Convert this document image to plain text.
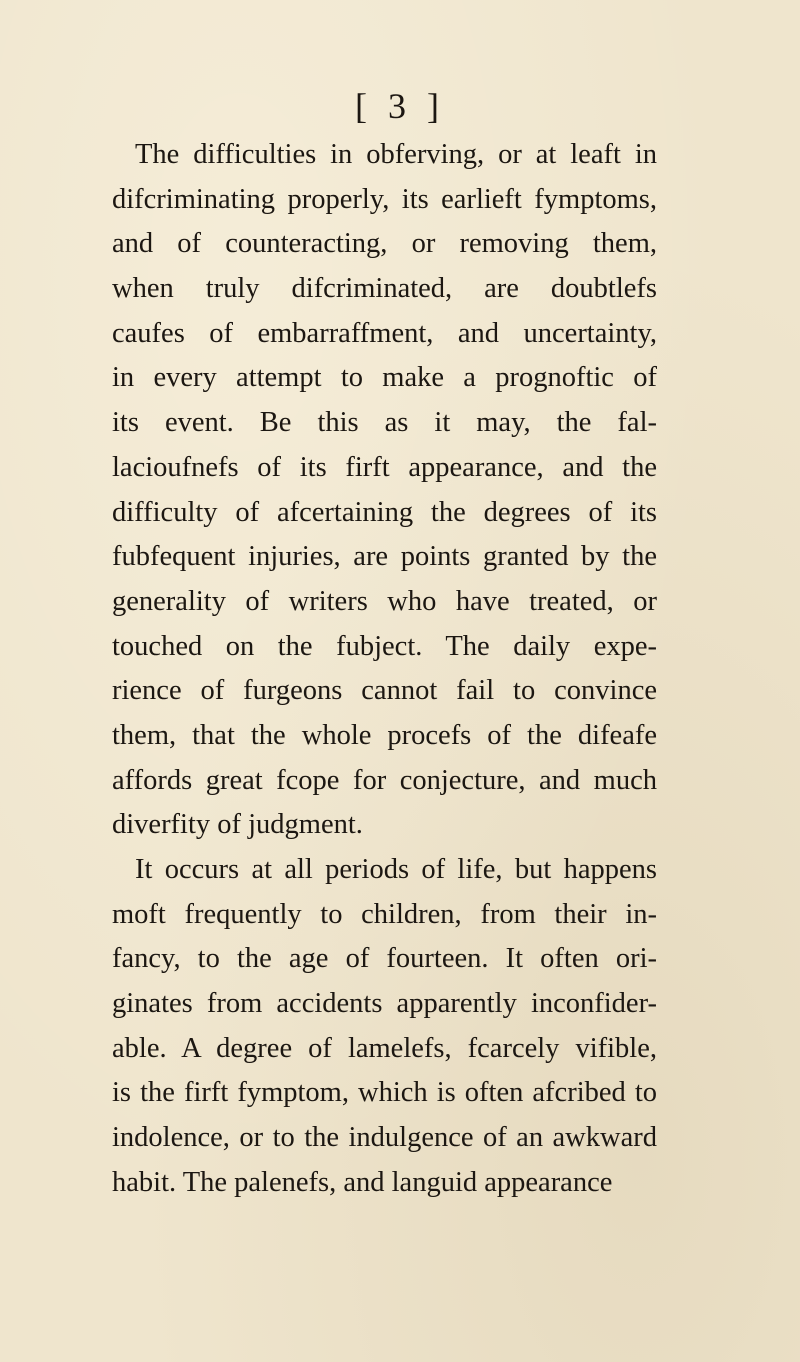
[ 3 ]
The difficulties in obferving, or at leaft in
difcriminating properly, its earlieft fymptoms,
and of counteracting, or removing them,
when truly difcriminated, are doubtlefs
caufes of embarraffment, and uncertainty,
in every attempt to make a prognoftic of
its event. Be this as it may, the fal-
lacioufnefs of its firft appearance, and the
difficulty of afcertaining the degrees of its
fubfequent injuries, are points granted by the
generality of writers who have treated, or
touched on the fubject. The daily expe-
rience of furgeons cannot fail to convince
them, that the whole procefs of the difeafe
affords great fcope for conjecture, and much
diverfity of judgment.
It occurs at all periods of life, but happens
moft frequently to children, from their in-
fancy, to the age of fourteen. It often ori-
ginates from accidents apparently inconfider-
able. A degree of lamelefs, fcarcely vifible,
is the firft fymptom, which is often afcribed to
indolence, or to the indulgence of an awkward
habit. The palenefs, and languid appearance
